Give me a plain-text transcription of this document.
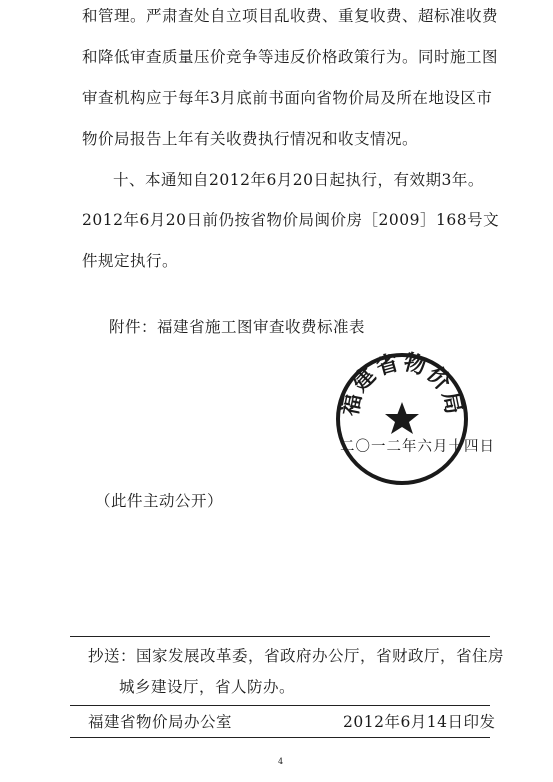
和管理。严肃查处自立项目乱收费、重复收费、超标准收费
和降低审查质量压价竞争等违反价格政策行为。同时施工图
审查机构应于每年3月底前书面向省物价局及所在地设区市
物价局报告上年有关收费执行情况和收支情况。
十、本通知自2012年6月20日起执行，有效期3年。
2012年6月20日前仍按省物价局闽价房［2009］168号文
件规定执行。
附件：福建省施工图审查收费标准表
福建省物价局
二〇一二年六月十四日
（此件主动公开）
抄送：国家发展改革委，省政府办公厅，省财政厅，省住房
城乡建设厅，省人防办。
福建省物价局办公室	2012年6月14日印发
4
